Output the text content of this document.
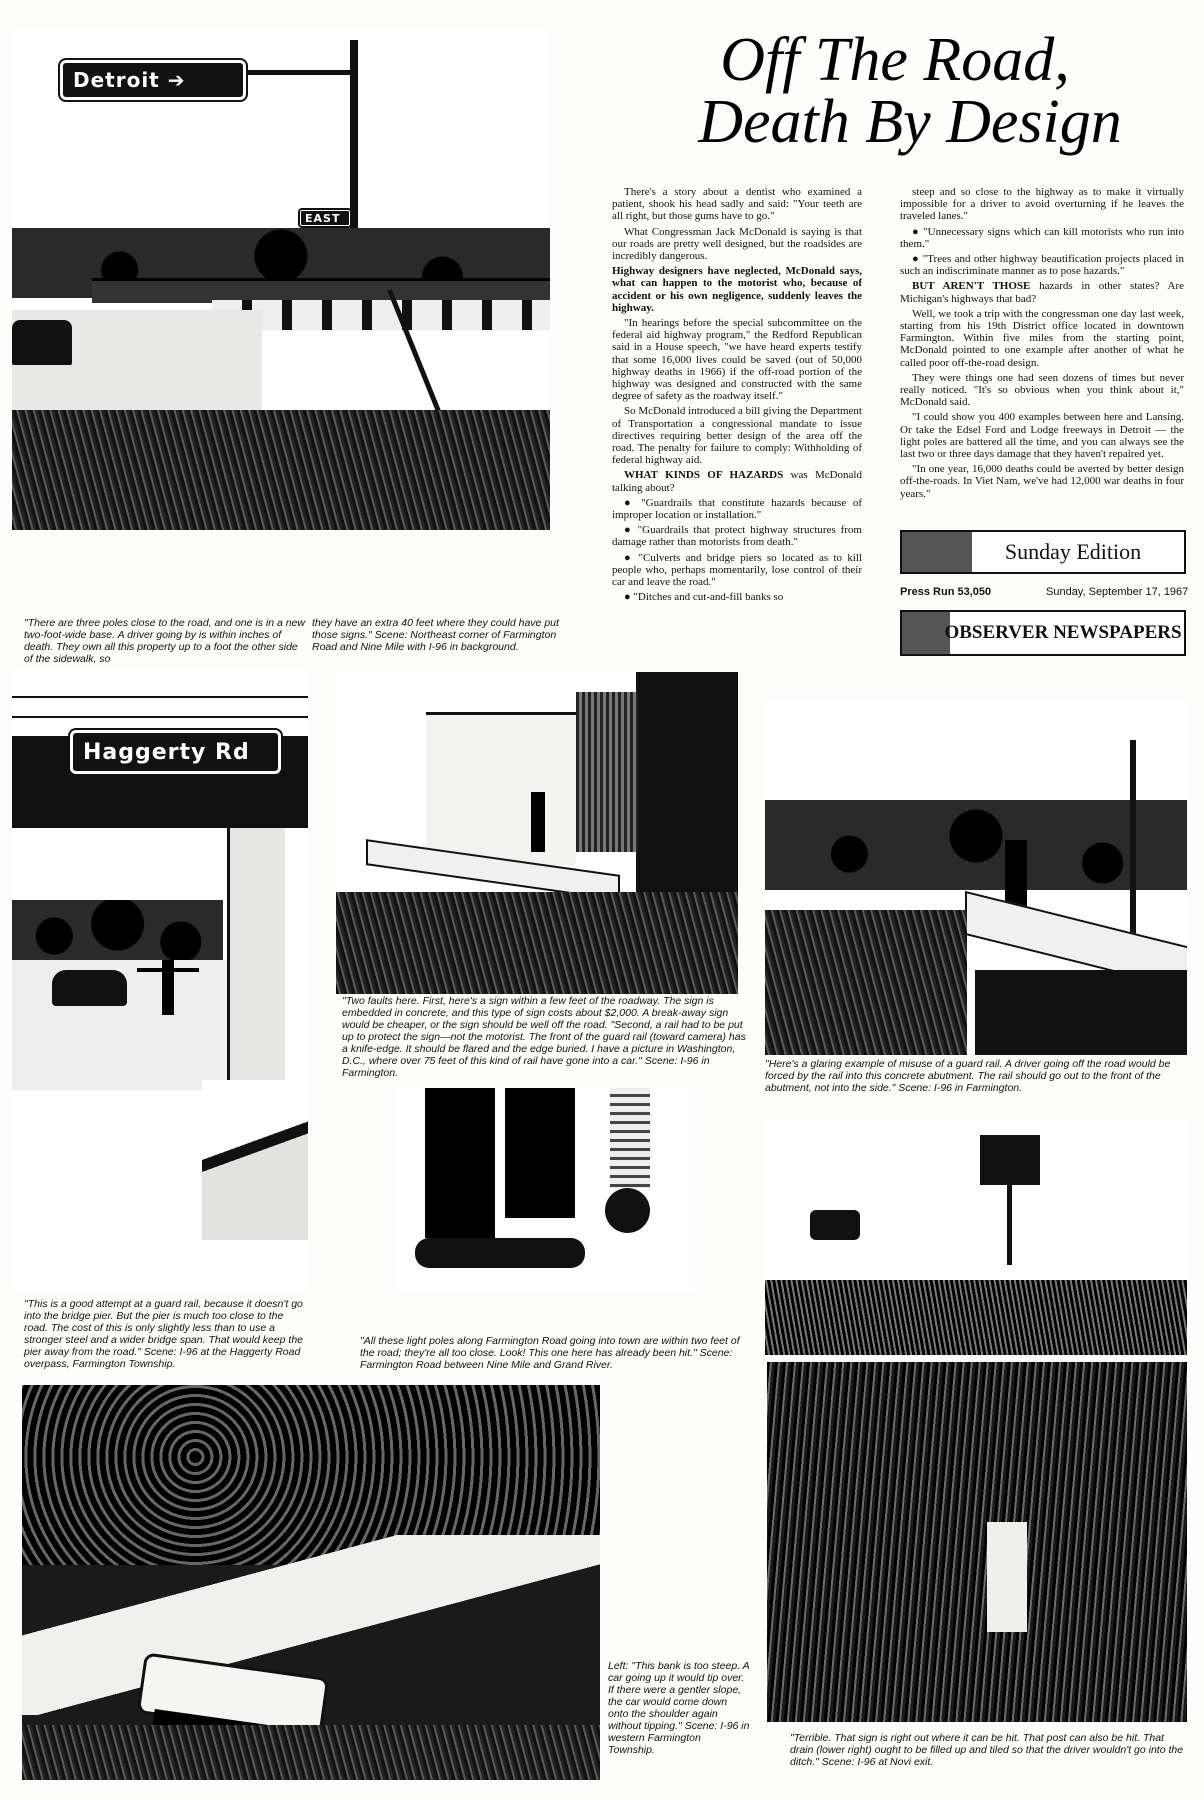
Detroit ➔
EAST
Off The Road,
Death By Design

There's a story about a dentist who examined a patient, shook his head sadly and said: "Your teeth are all right, but those gums have to go."

What Congressman Jack McDonald is saying is that our roads are pretty well designed, but the roadsides are incredibly dangerous.

Highway designers have neglected, McDonald says, what can happen to the motorist who, because of accident or his own negligence, suddenly leaves the highway.

"In hearings before the special subcommittee on the federal aid highway program," the Redford Republican said in a House speech, "we have heard experts testify that some 16,000 lives could be saved (out of 50,000 highway deaths in 1966) if the off-road portion of the highway was designed and constructed with the same degree of safety as the roadway itself."

So McDonald introduced a bill giving the Department of Transportation a congressional mandate to issue directives requiring better design of the area off the road. The penalty for failure to comply: Withholding of federal highway aid.

WHAT KINDS OF HAZARDS was McDonald talking about?

● "Guardrails that constitute hazards because of improper location or installation."

● "Guardrails that protect highway structures from damage rather than motorists from death."

● "Culverts and bridge piers so located as to kill people who, perhaps momentarily, lose control of their car and leave the road."

● "Ditches and cut-and-fill banks so

steep and so close to the highway as to make it virtually impossible for a driver to avoid overturning if he leaves the traveled lanes."

● "Unnecessary signs which can kill motorists who run into them."

● "Trees and other highway beautification projects placed in such an indiscriminate manner as to pose hazards."

BUT AREN'T THOSE hazards in other states? Are Michigan's highways that bad?

Well, we took a trip with the congressman one day last week, starting from his 19th District office located in downtown Farmington. Within five miles from the starting point, McDonald pointed to one example after another of what he called poor off-the-road design.

They were things one had seen dozens of times but never really noticed. "It's so obvious when you think about it," McDonald said.

"I could show you 400 examples between here and Lansing. Or take the Edsel Ford and Lodge freeways in Detroit — the light poles are battered all the time, and you can always see the last two or three days damage that they haven't repaired yet.

"In one year, 16,000 deaths could be averted by better design off-the-roads. In Viet Nam, we've had 12,000 war deaths in four years."

Sunday Edition
Press Run 53,050	Sunday, September 17, 1967
OBSERVER NEWSPAPERS
"There are three poles close to the road, and one is in a new two-foot-wide base. A driver going by is within inches of death. They own all this property up to a foot the other side of the sidewalk, so
they have an extra 40 feet where they could have put those signs." Scene: Northeast corner of Farmington Road and Nine Mile with I-96 in background.
Haggerty Rd
"Two faults here. First, here's a sign within a few feet of the roadway. The sign is embedded in concrete, and this type of sign costs about $2,000. A break-away sign would be cheaper, or the sign should be well off the road. "Second, a rail had to be put up to protect the sign—not the motorist. The front of the guard rail (toward camera) has a knife-edge. It should be flared and the edge buried. I have a picture in Washington, D.C., where over 75 feet of this kind of rail have gone into a car." Scene: I-96 in Farmington.
"Here's a glaring example of misuse of a guard rail. A driver going off the road would be forced by the rail into this concrete abutment. The rail should go out to the front of the abutment, not into the side." Scene: I-96 in Farmington.
"This is a good attempt at a guard rail, because it doesn't go into the bridge pier. But the pier is much too close to the road. The cost of this is only slightly less than to use a stronger steel and a wider bridge span. That would keep the pier away from the road." Scene: I-96 at the Haggerty Road overpass, Farmington Township.
"All these light poles along Farmington Road going into town are within two feet of the road; they're all too close. Look! This one here has already been hit." Scene: Farmington Road between Nine Mile and Grand River.
Left: "This bank is too steep. A car going up it would tip over. If there were a gentler slope, the car would come down onto the shoulder again without tipping." Scene: I-96 in western Farmington Township.
"Terrible. That sign is right out where it can be hit. That post can also be hit. That drain (lower right) ought to be filled up and tiled so that the driver wouldn't go into the ditch." Scene: I-96 at Novi exit.
